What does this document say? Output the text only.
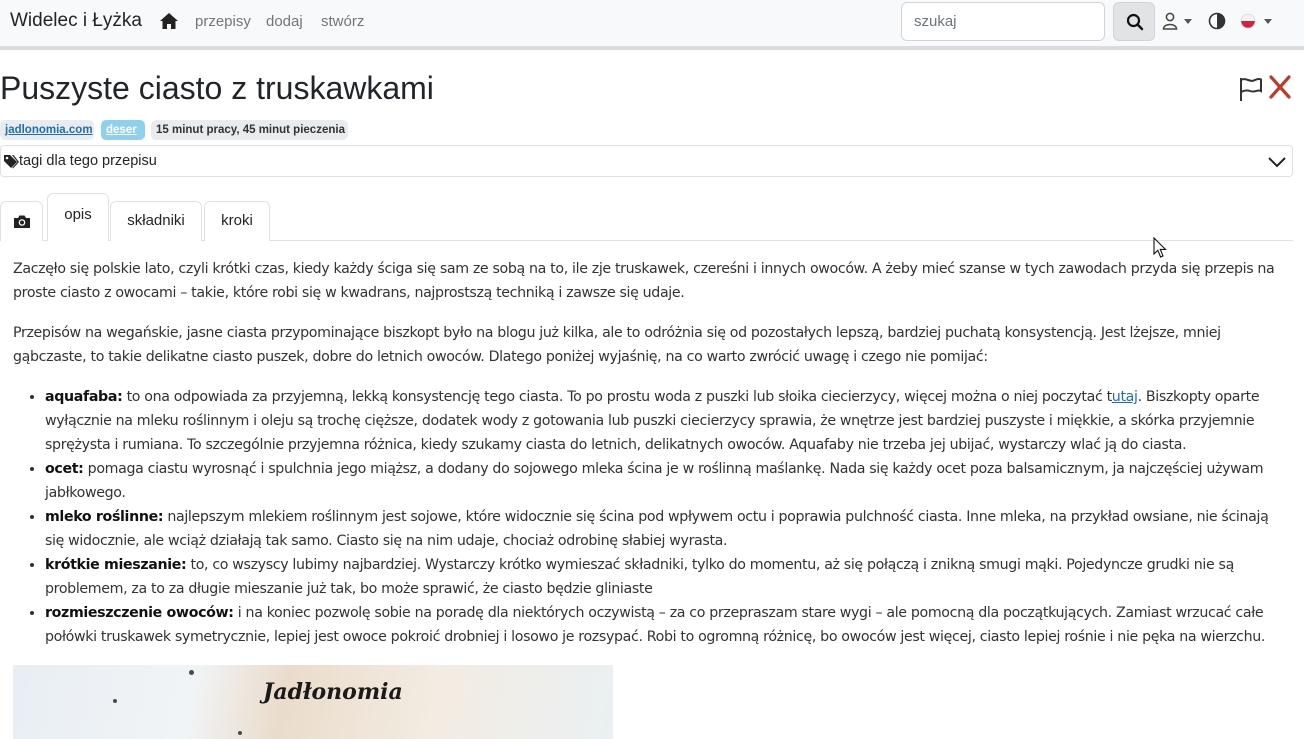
Widelec i Łyżka	przepisy dodaj stwórz
szukaj
Puszyste ciasto z truskawkami
jadlonomia.com	deser	15 minut pracy, 45 minut pieczenia
tagi dla tego przepisu
opis	składniki	kroki

Zaczęło się polskie lato, czyli krótki czas, kiedy każdy ściga się sam ze sobą na to, ile zje truskawek, czereśni i innych owoców. A żeby mieć szanse w tych zawodach przyda się przepis na proste ciasto z owocami – takie, które robi się w kwadrans, najprostszą techniką i zawsze się udaje.

Przepisów na wegańskie, jasne ciasta przypominające biszkopt było na blogu już kilka, ale to odróżnia się od pozostałych lepszą, bardziej puchatą konsystencją. Jest lżejsze, mniej gąbczaste, to takie delikatne ciasto puszek, dobre do letnich owoców. Dlatego poniżej wyjaśnię, na co warto zwrócić uwagę i czego nie pomijać:

• aquafaba: to ona odpowiada za przyjemną, lekką konsystencję tego ciasta. To po prostu woda z puszki lub słoika ciecierzycy, więcej można o niej poczytać tutaj. Biszkopty oparte wyłącznie na mleku roślinnym i oleju są trochę cięższe, dodatek wody z gotowania lub puszki ciecierzycy sprawia, że wnętrze jest bardziej puszyste i miękkie, a skórka przyjemnie sprężysta i rumiana. To szczególnie przyjemna różnica, kiedy szukamy ciasta do letnich, delikatnych owoców. Aquafaby nie trzeba jej ubijać, wystarczy wlać ją do ciasta.
• ocet: pomaga ciastu wyrosnąć i spulchnia jego miąższ, a dodany do sojowego mleka ścina je w roślinną maślankę. Nada się każdy ocet poza balsamicznym, ja najczęściej używam jabłkowego.
• mleko roślinne: najlepszym mlekiem roślinnym jest sojowe, które widocznie się ścina pod wpływem octu i poprawia pulchność ciasta. Inne mleka, na przykład owsiane, nie ścinają się widocznie, ale wciąż działają tak samo. Ciasto się na nim udaje, chociaż odrobinę słabiej wyrasta.
• krótkie mieszanie: to, co wszyscy lubimy najbardziej. Wystarczy krótko wymieszać składniki, tylko do momentu, aż się połączą i znikną smugi mąki. Pojedyncze grudki nie są problemem, za to za długie mieszanie już tak, bo może sprawić, że ciasto będzie gliniaste
• rozmieszczenie owoców: i na koniec pozwolę sobie na poradę dla niektórych oczywistą – za co przepraszam stare wygi – ale pomocną dla początkujących. Zamiast wrzucać całe połówki truskawek symetrycznie, lepiej jest owoce pokroić drobniej i losowo je rozsypać. Robi to ogromną różnicę, bo owoców jest więcej, ciasto lepiej rośnie i nie pęka na wierzchu.
Jadłonomia
